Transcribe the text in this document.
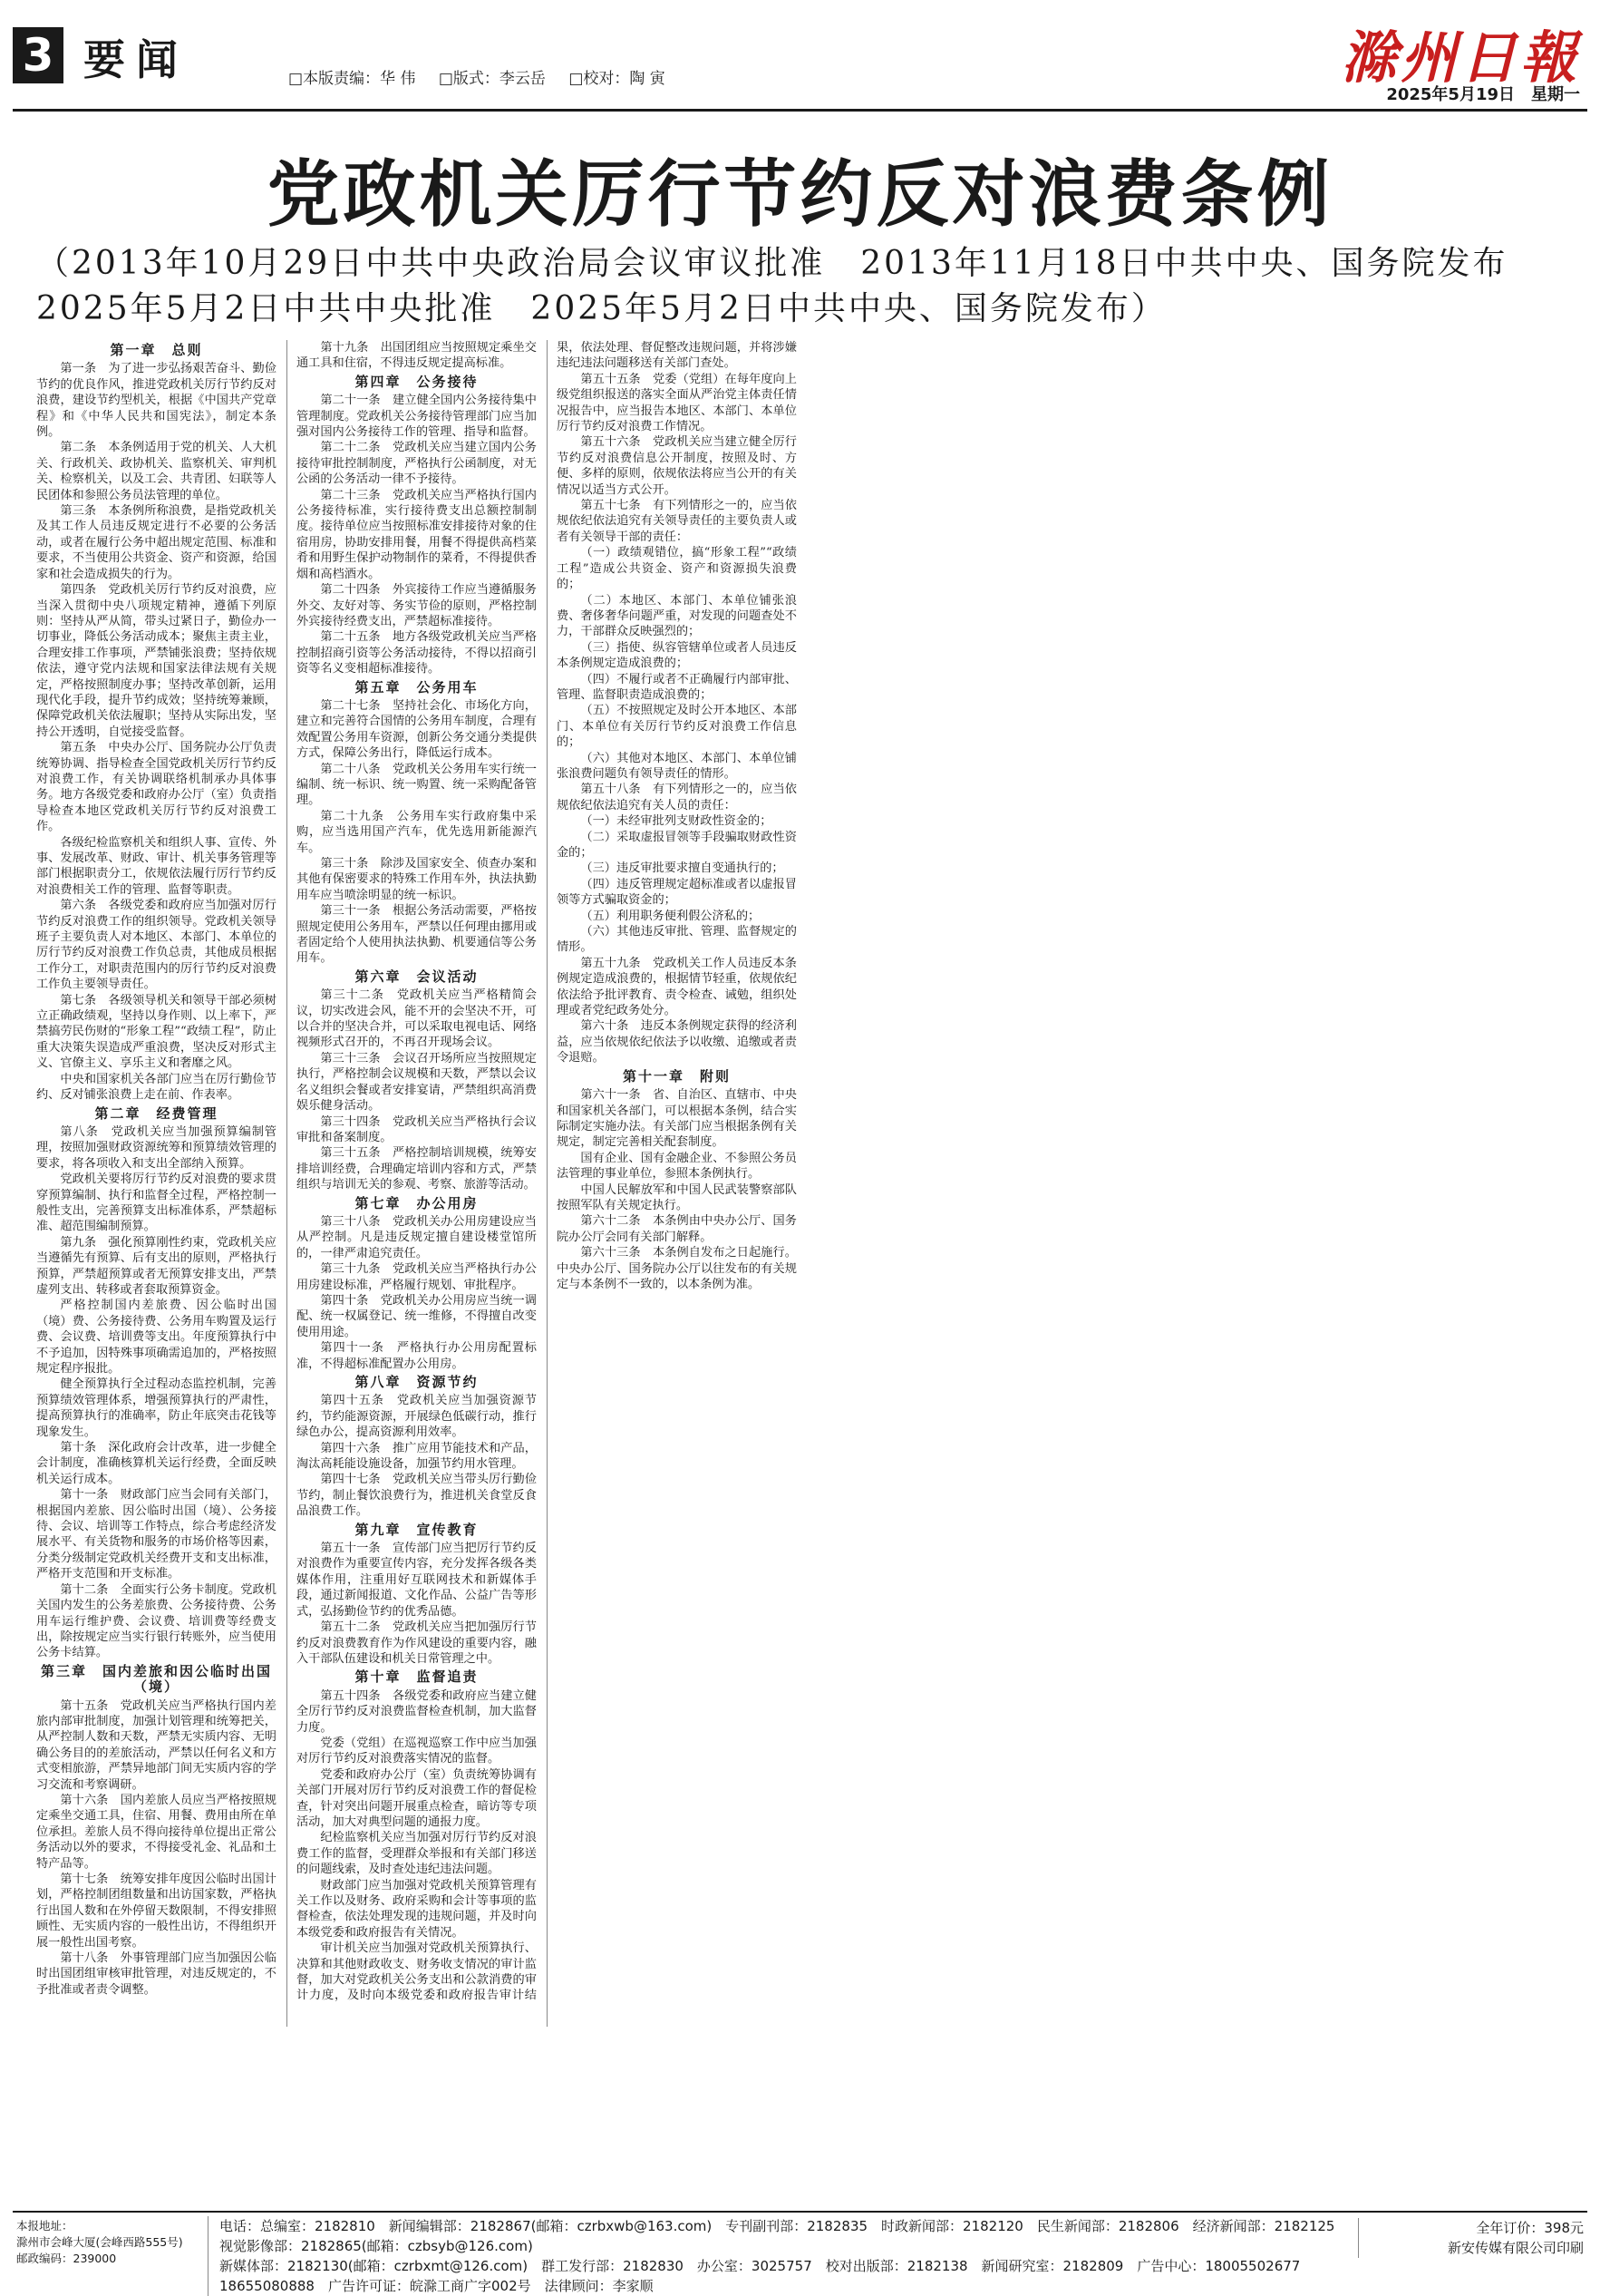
3 要闻	□本版责编：华 伟 □版式：李云岳 □校对：陶 寅	滁州日報
2025年5月19日　星期一
党政机关厉行节约反对浪费条例
（2013年10月29日中共中央政治局会议审议批准　2013年11月18日中共中央、国务院发布
2025年5月2日中共中央批准　2025年5月2日中共中央、国务院发布）
第一章　总则

第一条　为了进一步弘扬艰苦奋斗、勤俭节约的优良作风，推进党政机关厉行节约反对浪费，建设节约型机关，根据《中国共产党章程》和《中华人民共和国宪法》，制定本条例。

第二条　本条例适用于党的机关、人大机关、行政机关、政协机关、监察机关、审判机关、检察机关，以及工会、共青团、妇联等人民团体和参照公务员法管理的单位。

第三条　本条例所称浪费，是指党政机关及其工作人员违反规定进行不必要的公务活动，或者在履行公务中超出规定范围、标准和要求，不当使用公共资金、资产和资源，给国家和社会造成损失的行为。

第四条　党政机关厉行节约反对浪费，应当深入贯彻中央八项规定精神，遵循下列原则：坚持从严从简，带头过紧日子，勤俭办一切事业，降低公务活动成本；聚焦主责主业，合理安排工作事项，严禁铺张浪费；坚持依规依法，遵守党内法规和国家法律法规有关规定，严格按照制度办事；坚持改革创新，运用现代化手段，提升节约成效；坚持统筹兼顾，保障党政机关依法履职；坚持从实际出发，坚持公开透明，自觉接受监督。

第五条　中央办公厅、国务院办公厅负责统筹协调、指导检查全国党政机关厉行节约反对浪费工作，有关协调联络机制承办具体事务。地方各级党委和政府办公厅（室）负责指导检查本地区党政机关厉行节约反对浪费工作。

各级纪检监察机关和组织人事、宣传、外事、发展改革、财政、审计、机关事务管理等部门根据职责分工，依规依法履行厉行节约反对浪费相关工作的管理、监督等职责。

第六条　各级党委和政府应当加强对厉行节约反对浪费工作的组织领导。党政机关领导班子主要负责人对本地区、本部门、本单位的厉行节约反对浪费工作负总责，其他成员根据工作分工，对职责范围内的厉行节约反对浪费工作负主要领导责任。

第七条　各级领导机关和领导干部必须树立正确政绩观，坚持以身作则、以上率下，严禁搞劳民伤财的“形象工程”“政绩工程”，防止重大决策失误造成严重浪费，坚决反对形式主义、官僚主义、享乐主义和奢靡之风。

中央和国家机关各部门应当在厉行勤俭节约、反对铺张浪费上走在前、作表率。

第二章　经费管理

第八条　党政机关应当加强预算编制管理，按照加强财政资源统筹和预算绩效管理的要求，将各项收入和支出全部纳入预算。

党政机关要将厉行节约反对浪费的要求贯穿预算编制、执行和监督全过程，严格控制一般性支出，完善预算支出标准体系，严禁超标准、超范围编制预算。

第九条　强化预算刚性约束，党政机关应当遵循先有预算、后有支出的原则，严格执行预算，严禁超预算或者无预算安排支出，严禁虚列支出、转移或者套取预算资金。

严格控制国内差旅费、因公临时出国（境）费、公务接待费、公务用车购置及运行费、会议费、培训费等支出。年度预算执行中不予追加，因特殊事项确需追加的，严格按照规定程序报批。

健全预算执行全过程动态监控机制，完善预算绩效管理体系，增强预算执行的严肃性，提高预算执行的准确率，防止年底突击花钱等现象发生。

第十条　深化政府会计改革，进一步健全会计制度，准确核算机关运行经费，全面反映机关运行成本。

第十一条　财政部门应当会同有关部门，根据国内差旅、因公临时出国（境）、公务接待、会议、培训等工作特点，综合考虑经济发展水平、有关货物和服务的市场价格等因素，分类分级制定党政机关经费开支和支出标准，严格开支范围和开支标准。

第十二条　全面实行公务卡制度。党政机关国内发生的公务差旅费、公务接待费、公务用车运行维护费、会议费、培训费等经费支出，除按规定应当实行银行转账外，应当使用公务卡结算。

第三章　国内差旅和因公临时出国（境）

第十五条　党政机关应当严格执行国内差旅内部审批制度，加强计划管理和统筹把关，从严控制人数和天数，严禁无实质内容、无明确公务目的的差旅活动，严禁以任何名义和方式变相旅游，严禁异地部门间无实质内容的学习交流和考察调研。

第十六条　国内差旅人员应当严格按照规定乘坐交通工具，住宿、用餐、费用由所在单位承担。差旅人员不得向接待单位提出正常公务活动以外的要求，不得接受礼金、礼品和土特产品等。

第十七条　统筹安排年度因公临时出国计划，严格控制团组数量和出访国家数，严格执行出国人数和在外停留天数限制，不得安排照顾性、无实质内容的一般性出访，不得组织开展一般性出国考察。

第十八条　外事管理部门应当加强因公临时出国团组审核审批管理，对违反规定的，不予批准或者责令调整。

第十九条　出国团组应当按照规定乘坐交通工具和住宿，不得违反规定提高标准。

第四章　公务接待

第二十一条　建立健全国内公务接待集中管理制度。党政机关公务接待管理部门应当加强对国内公务接待工作的管理、指导和监督。

第二十二条　党政机关应当建立国内公务接待审批控制制度，严格执行公函制度，对无公函的公务活动一律不予接待。

第二十三条　党政机关应当严格执行国内公务接待标准，实行接待费支出总额控制制度。接待单位应当按照标准安排接待对象的住宿用房，协助安排用餐，用餐不得提供高档菜肴和用野生保护动物制作的菜肴，不得提供香烟和高档酒水。

第二十四条　外宾接待工作应当遵循服务外交、友好对等、务实节俭的原则，严格控制外宾接待经费支出，严禁超标准接待。

第二十五条　地方各级党政机关应当严格控制招商引资等公务活动接待，不得以招商引资等名义变相超标准接待。

第五章　公务用车

第二十七条　坚持社会化、市场化方向，建立和完善符合国情的公务用车制度，合理有效配置公务用车资源，创新公务交通分类提供方式，保障公务出行，降低运行成本。

第二十八条　党政机关公务用车实行统一编制、统一标识、统一购置、统一采购配备管理。

第二十九条　公务用车实行政府集中采购，应当选用国产汽车，优先选用新能源汽车。

第三十条　除涉及国家安全、侦查办案和其他有保密要求的特殊工作用车外，执法执勤用车应当喷涂明显的统一标识。

第三十一条　根据公务活动需要，严格按照规定使用公务用车，严禁以任何理由挪用或者固定给个人使用执法执勤、机要通信等公务用车。

第六章　会议活动

第三十二条　党政机关应当严格精简会议，切实改进会风，能不开的会坚决不开，可以合并的坚决合并，可以采取电视电话、网络视频形式召开的，不再召开现场会议。

第三十三条　会议召开场所应当按照规定执行，严格控制会议规模和天数，严禁以会议名义组织会餐或者安排宴请，严禁组织高消费娱乐健身活动。

第三十四条　党政机关应当严格执行会议审批和备案制度。

第三十五条　严格控制培训规模，统筹安排培训经费，合理确定培训内容和方式，严禁组织与培训无关的参观、考察、旅游等活动。

第七章　办公用房

第三十八条　党政机关办公用房建设应当从严控制。凡是违反规定擅自建设楼堂馆所的，一律严肃追究责任。

第三十九条　党政机关应当严格执行办公用房建设标准，严格履行规划、审批程序。

第四十条　党政机关办公用房应当统一调配、统一权属登记、统一维修，不得擅自改变使用用途。

第四十一条　严格执行办公用房配置标准，不得超标准配置办公用房。

第八章　资源节约

第四十五条　党政机关应当加强资源节约，节约能源资源，开展绿色低碳行动，推行绿色办公，提高资源利用效率。

第四十六条　推广应用节能技术和产品，淘汰高耗能设施设备，加强节约用水管理。

第四十七条　党政机关应当带头厉行勤俭节约，制止餐饮浪费行为，推进机关食堂反食品浪费工作。

第九章　宣传教育

第五十一条　宣传部门应当把厉行节约反对浪费作为重要宣传内容，充分发挥各级各类媒体作用，注重用好互联网技术和新媒体手段，通过新闻报道、文化作品、公益广告等形式，弘扬勤俭节约的优秀品德。

第五十二条　党政机关应当把加强厉行节约反对浪费教育作为作风建设的重要内容，融入干部队伍建设和机关日常管理之中。

第十章　监督追责

第五十四条　各级党委和政府应当建立健全厉行节约反对浪费监督检查机制，加大监督力度。

党委（党组）在巡视巡察工作中应当加强对厉行节约反对浪费落实情况的监督。

党委和政府办公厅（室）负责统筹协调有关部门开展对厉行节约反对浪费工作的督促检查，针对突出问题开展重点检查，暗访等专项活动，加大对典型问题的通报力度。

纪检监察机关应当加强对厉行节约反对浪费工作的监督，受理群众举报和有关部门移送的问题线索，及时查处违纪违法问题。

财政部门应当加强对党政机关预算管理有关工作以及财务、政府采购和会计等事项的监督检查，依法处理发现的违规问题，并及时向本级党委和政府报告有关情况。

审计机关应当加强对党政机关预算执行、决算和其他财政收支、财务收支情况的审计监督，加大对党政机关公务支出和公款消费的审计力度，及时向本级党委和政府报告审计结果，依法处理、督促整改违规问题，并将涉嫌违纪违法问题移送有关部门查处。

第五十五条　党委（党组）在每年度向上级党组织报送的落实全面从严治党主体责任情况报告中，应当报告本地区、本部门、本单位厉行节约反对浪费工作情况。

第五十六条　党政机关应当建立健全厉行节约反对浪费信息公开制度，按照及时、方便、多样的原则，依规依法将应当公开的有关情况以适当方式公开。

第五十七条　有下列情形之一的，应当依规依纪依法追究有关领导责任的主要负责人或者有关领导干部的责任：

（一）政绩观错位，搞“形象工程”“政绩工程”造成公共资金、资产和资源损失浪费的；

（二）本地区、本部门、本单位铺张浪费、奢侈奢华问题严重，对发现的问题查处不力，干部群众反映强烈的；

（三）指使、纵容管辖单位或者人员违反本条例规定造成浪费的；

（四）不履行或者不正确履行内部审批、管理、监督职责造成浪费的；

（五）不按照规定及时公开本地区、本部门、本单位有关厉行节约反对浪费工作信息的；

（六）其他对本地区、本部门、本单位铺张浪费问题负有领导责任的情形。

第五十八条　有下列情形之一的，应当依规依纪依法追究有关人员的责任：

（一）未经审批列支财政性资金的；

（二）采取虚报冒领等手段骗取财政性资金的；

（三）违反审批要求擅自变通执行的；

（四）违反管理规定超标准或者以虚报冒领等方式骗取资金的；

（五）利用职务便利假公济私的；

（六）其他违反审批、管理、监督规定的情形。

第五十九条　党政机关工作人员违反本条例规定造成浪费的，根据情节轻重，依规依纪依法给予批评教育、责令检查、诫勉，组织处理或者党纪政务处分。

第六十条　违反本条例规定获得的经济利益，应当依规依纪依法予以收缴、追缴或者责令退赔。

第十一章　附则

第六十一条　省、自治区、直辖市、中央和国家机关各部门，可以根据本条例，结合实际制定实施办法。有关部门应当根据条例有关规定，制定完善相关配套制度。

国有企业、国有金融企业、不参照公务员法管理的事业单位，参照本条例执行。

中国人民解放军和中国人民武装警察部队按照军队有关规定执行。

第六十二条　本条例由中央办公厅、国务院办公厅会同有关部门解释。

第六十三条　本条例自发布之日起施行。中央办公厅、国务院办公厅以往发布的有关规定与本条例不一致的，以本条例为准。

本报地址：
滁州市会峰大厦(会峰西路555号)
邮政编码：239000
电话：总编室：2182810　新闻编辑部：2182867(邮箱：czrbxwb@163.com)　专刊副刊部：2182835　时政新闻部：2182120　民生新闻部：2182806　经济新闻部：2182125　视觉影像部：2182865(邮箱：czbsyb@126.com)
新媒体部：2182130(邮箱：czrbxmt@126.com)　群工发行部：2182830　办公室：3025757　校对出版部：2182138　新闻研究室：2182809　广告中心：18005502677　18655080888　广告许可证：皖滁工商广字002号　法律顾问：李家顺
全年订价：398元
新安传媒有限公司印刷
